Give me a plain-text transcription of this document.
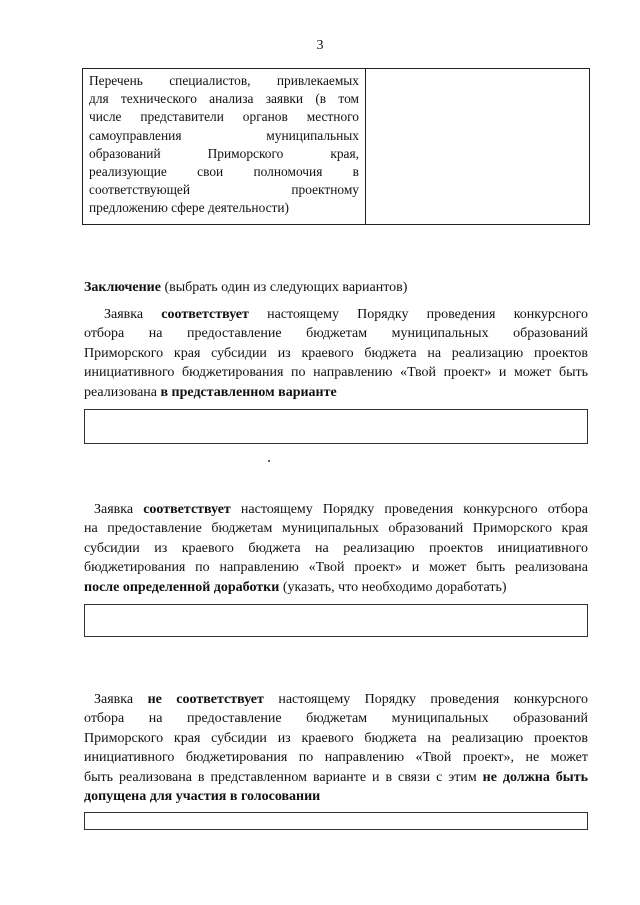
3
Перечень специалистов, привлекаемых
для технического анализа заявки (в том
числе представители органов местного
самоуправления муниципальных
образований Приморского края,
реализующие свои полномочия в
соответствующей проектному
предложению сфере деятельности)
Заключение (выбрать один из следующих вариантов)
Заявка соответствует настоящему Порядку проведения конкурсного
отбора на предоставление бюджетам муниципальных образований
Приморского края субсидии из краевого бюджета на реализацию проектов
инициативного бюджетирования по направлению «Твой проект» и может быть
реализована в представленном варианте
Заявка соответствует настоящему Порядку проведения конкурсного отбора
на предоставление бюджетам муниципальных образований Приморского края
субсидии из краевого бюджета на реализацию проектов инициативного
бюджетирования по направлению «Твой проект» и может быть реализована
после определенной доработки (указать, что необходимо доработать)
Заявка не соответствует настоящему Порядку проведения конкурсного
отбора на предоставление бюджетам муниципальных образований
Приморского края субсидии из краевого бюджета на реализацию проектов
инициативного бюджетирования по направлению «Твой проект», не может
быть реализована в представленном варианте и в связи с этим не должна быть
допущена для участия в голосовании
